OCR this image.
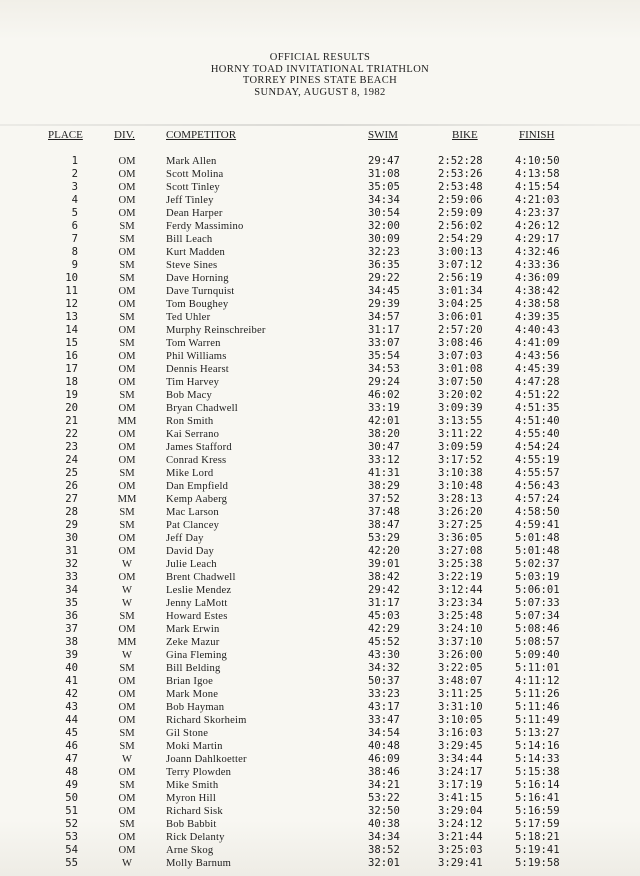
OFFICIAL RESULTS
HORNY TOAD INVITATIONAL TRIATHLON
TORREY PINES STATE BEACH
SUNDAY, AUGUST 8, 1982
PLACE	DIV.	COMPETITOR	SWIM	BIKE	FINISH
1	OM	Mark Allen	29:47	2:52:28	4:10:50
2	OM	Scott Molina	31:08	2:53:26	4:13:58
3	OM	Scott Tinley	35:05	2:53:48	4:15:54
4	OM	Jeff Tinley	34:34	2:59:06	4:21:03
5	OM	Dean Harper	30:54	2:59:09	4:23:37
6	SM	Ferdy Massimino	32:00	2:56:02	4:26:12
7	SM	Bill Leach	30:09	2:54:29	4:29:17
8	OM	Kurt Madden	32:23	3:00:13	4:32:46
9	SM	Steve Sines	36:35	3:07:12	4:33:36
10	SM	Dave Horning	29:22	2:56:19	4:36:09
11	OM	Dave Turnquist	34:45	3:01:34	4:38:42
12	OM	Tom Boughey	29:39	3:04:25	4:38:58
13	SM	Ted Uhler	34:57	3:06:01	4:39:35
14	OM	Murphy Reinschreiber	31:17	2:57:20	4:40:43
15	SM	Tom Warren	33:07	3:08:46	4:41:09
16	OM	Phil Williams	35:54	3:07:03	4:43:56
17	OM	Dennis Hearst	34:53	3:01:08	4:45:39
18	OM	Tim Harvey	29:24	3:07:50	4:47:28
19	SM	Bob Macy	46:02	3:20:02	4:51:22
20	OM	Bryan Chadwell	33:19	3:09:39	4:51:35
21	MM	Ron Smith	42:01	3:13:55	4:51:40
22	OM	Kai Serrano	38:20	3:11:22	4:55:40
23	OM	James Stafford	30:47	3:09:59	4:54:24
24	OM	Conrad Kress	33:12	3:17:52	4:55:19
25	SM	Mike Lord	41:31	3:10:38	4:55:57
26	OM	Dan Empfield	38:29	3:10:48	4:56:43
27	MM	Kemp Aaberg	37:52	3:28:13	4:57:24
28	SM	Mac Larson	37:48	3:26:20	4:58:50
29	SM	Pat Clancey	38:47	3:27:25	4:59:41
30	OM	Jeff Day	53:29	3:36:05	5:01:48
31	OM	David Day	42:20	3:27:08	5:01:48
32	W	Julie Leach	39:01	3:25:38	5:02:37
33	OM	Brent Chadwell	38:42	3:22:19	5:03:19
34	W	Leslie Mendez	29:42	3:12:44	5:06:01
35	W	Jenny LaMott	31:17	3:23:34	5:07:33
36	SM	Howard Estes	45:03	3:25:48	5:07:34
37	OM	Mark Erwin	42:29	3:24:10	5:08:46
38	MM	Zeke Mazur	45:52	3:37:10	5:08:57
39	W	Gina Fleming	43:30	3:26:00	5:09:40
40	SM	Bill Belding	34:32	3:22:05	5:11:01
41	OM	Brian Igoe	50:37	3:48:07	4:11:12
42	OM	Mark Mone	33:23	3:11:25	5:11:26
43	OM	Bob Hayman	43:17	3:31:10	5:11:46
44	OM	Richard Skorheim	33:47	3:10:05	5:11:49
45	SM	Gil Stone	34:54	3:16:03	5:13:27
46	SM	Moki Martin	40:48	3:29:45	5:14:16
47	W	Joann Dahlkoetter	46:09	3:34:44	5:14:33
48	OM	Terry Plowden	38:46	3:24:17	5:15:38
49	SM	Mike Smith	34:21	3:17:19	5:16:14
50	OM	Myron Hill	53:22	3:41:15	5:16:41
51	OM	Richard Sisk	32:50	3:29:04	5:16:59
52	SM	Bob Babbit	40:38	3:24:12	5:17:59
53	OM	Rick Delanty	34:34	3:21:44	5:18:21
54	OM	Arne Skog	38:52	3:25:03	5:19:41
55	W	Molly Barnum	32:01	3:29:41	5:19:58
